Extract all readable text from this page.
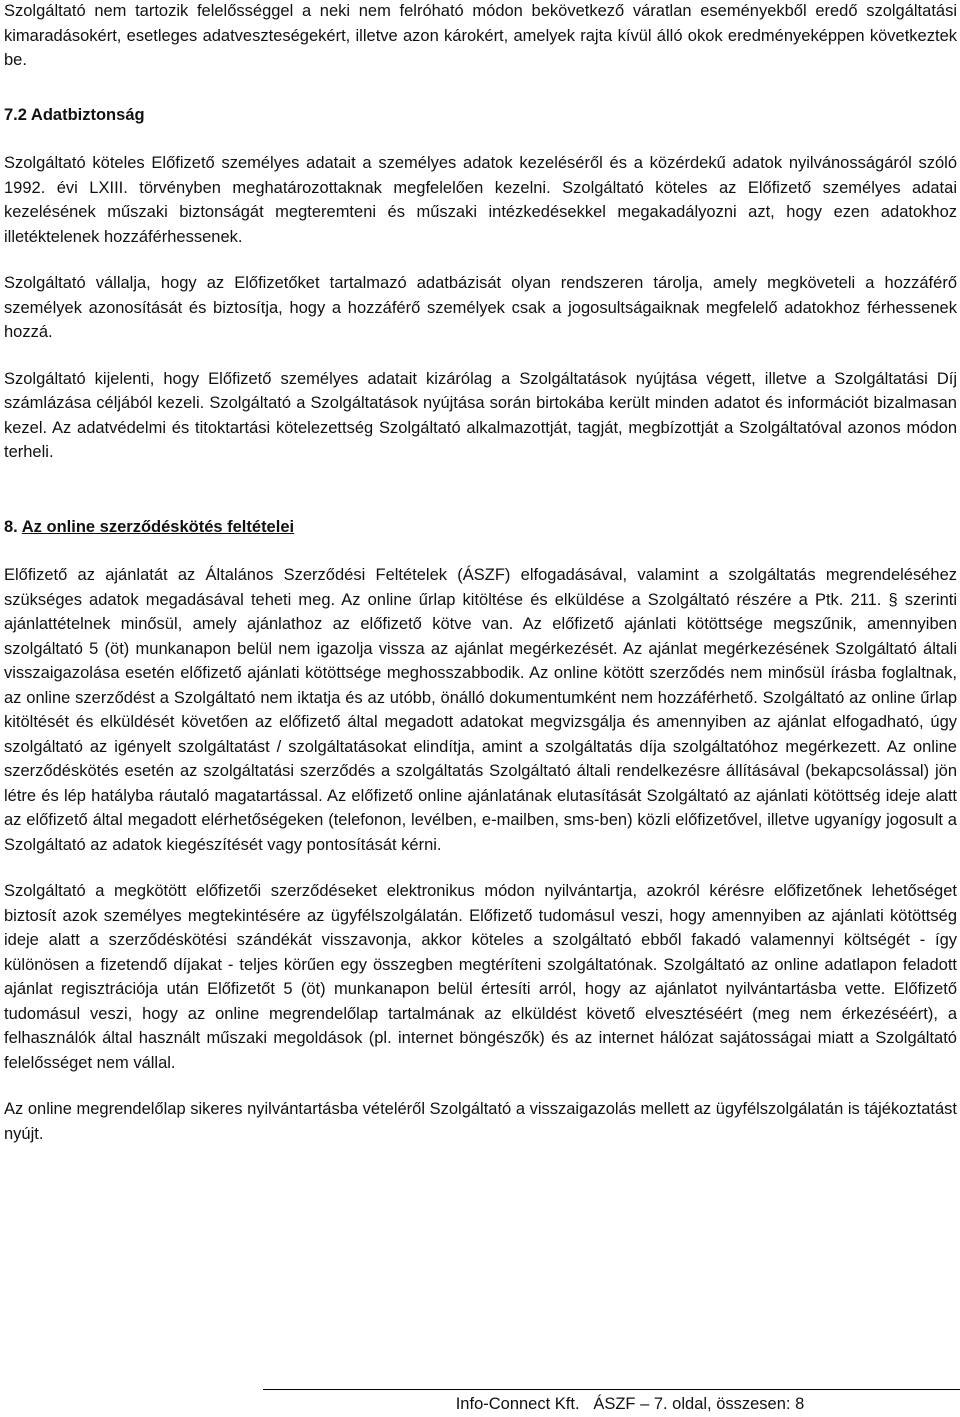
Szolgáltató nem tartozik felelősséggel a neki nem felróható módon bekövetkező váratlan eseményekből eredő szolgáltatási kimaradásokért, esetleges adatveszteségekért, illetve azon károkért, amelyek rajta kívül álló okok eredményeképpen következtek be.

7.2 Adatbiztonság

Szolgáltató köteles Előfizető személyes adatait a személyes adatok kezeléséről és a közérdekű adatok nyilvánosságáról szóló 1992. évi LXIII. törvényben meghatározottaknak megfelelően kezelni. Szolgáltató köteles az Előfizető személyes adatai kezelésének műszaki biztonságát megteremteni és műszaki intézkedésekkel megakadályozni azt, hogy ezen adatokhoz illetéktelenek hozzáférhessenek.

Szolgáltató vállalja, hogy az Előfizetőket tartalmazó adatbázisát olyan rendszeren tárolja, amely megköveteli a hozzáférő személyek azonosítását és biztosítja, hogy a hozzáférő személyek csak a jogosultságaiknak megfelelő adatokhoz férhessenek hozzá.

Szolgáltató kijelenti, hogy Előfizető személyes adatait kizárólag a Szolgáltatások nyújtása végett, illetve a Szolgáltatási Díj számlázása céljából kezeli. Szolgáltató a Szolgáltatások nyújtása során birtokába került minden adatot és információt bizalmasan kezel. Az adatvédelmi és titoktartási kötelezettség Szolgáltató alkalmazottját, tagját, megbízottját a Szolgáltatóval azonos módon terheli.

8. Az online szerződéskötés feltételei

Előfizető az ajánlatát az Általános Szerződési Feltételek (ÁSZF) elfogadásával, valamint a szolgáltatás megrendeléséhez szükséges adatok megadásával teheti meg. Az online űrlap kitöltése és elküldése a Szolgáltató részére a Ptk. 211. § szerinti ajánlattételnek minősül, amely ajánlathoz az előfizető kötve van. Az előfizető ajánlati kötöttsége megszűnik, amennyiben szolgáltató 5 (öt) munkanapon belül nem igazolja vissza az ajánlat megérkezését. Az ajánlat megérkezésének Szolgáltató általi visszaigazolása esetén előfizető ajánlati kötöttsége meghosszabbodik. Az online kötött szerződés nem minősül írásba foglaltnak, az online szerződést a Szolgáltató nem iktatja és az utóbb, önálló dokumentumként nem hozzáférhető. Szolgáltató az online űrlap kitöltését és elküldését követően az előfizető által megadott adatokat megvizsgálja és amennyiben az ajánlat elfogadható, úgy szolgáltató az igényelt szolgáltatást / szolgáltatásokat elindítja, amint a szolgáltatás díja szolgáltatóhoz megérkezett. Az online szerződéskötés esetén az szolgáltatási szerződés a szolgáltatás Szolgáltató általi rendelkezésre állításával (bekapcsolással) jön létre és lép hatályba ráutaló magatartással. Az előfizető online ajánlatának elutasítását Szolgáltató az ajánlati kötöttség ideje alatt az előfizető által megadott elérhetőségeken (telefonon, levélben, e-mailben, sms-ben) közli előfizetővel, illetve ugyanígy jogosult a Szolgáltató az adatok kiegészítését vagy pontosítását kérni.

Szolgáltató a megkötött előfizetői szerződéseket elektronikus módon nyilvántartja, azokról kérésre előfizetőnek lehetőséget biztosít azok személyes megtekintésére az ügyfélszolgálatán. Előfizető tudomásul veszi, hogy amennyiben az ajánlati kötöttség ideje alatt a szerződéskötési szándékát visszavonja, akkor köteles a szolgáltató ebből fakadó valamennyi költségét - így különösen a fizetendő díjakat - teljes körűen egy összegben megtéríteni szolgáltatónak. Szolgáltató az online adatlapon feladott ajánlat regisztrációja után Előfizetőt 5 (öt) munkanapon belül értesíti arról, hogy az ajánlatot nyilvántartásba vette. Előfizető tudomásul veszi, hogy az online megrendelőlap tartalmának az elküldést követő elvesztéséért (meg nem érkezéséért), a felhasználók által használt műszaki megoldások (pl. internet böngészők) és az internet hálózat sajátosságai miatt a Szolgáltató felelősséget nem vállal.

Az online megrendelőlap sikeres nyilvántartásba vételéről Szolgáltató a visszaigazolás mellett az ügyfélszolgálatán is tájékoztatást nyújt.

Info-Connect Kft. ÁSZF – 7. oldal, összesen: 8
